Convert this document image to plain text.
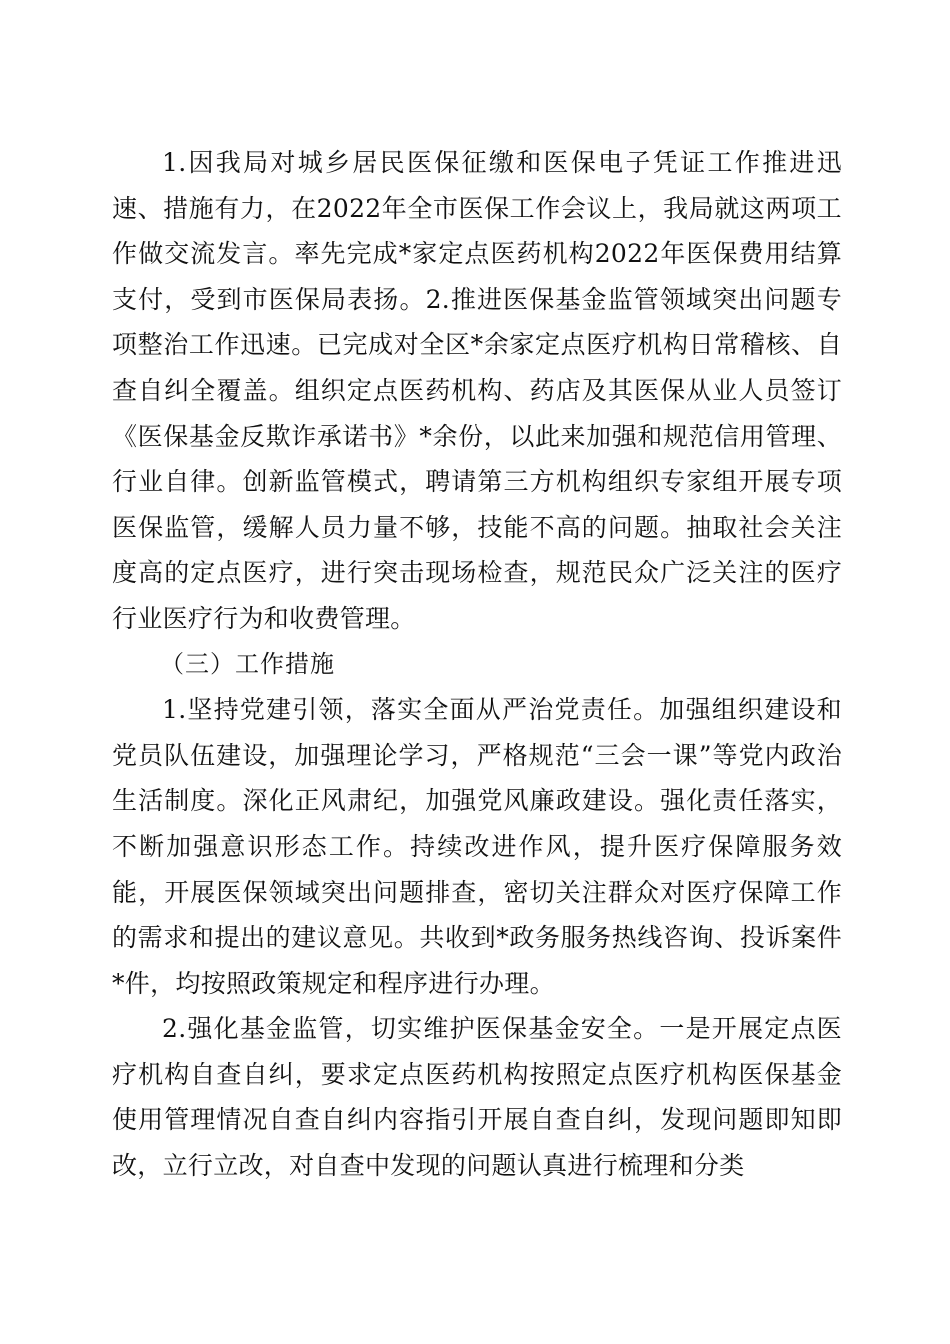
1.因我局对城乡居民医保征缴和医保电子凭证工作推进迅速、措施有力，在2022年全市医保工作会议上，我局就这两项工作做交流发言。率先完成*家定点医药机构2022年医保费用结算支付，受到市医保局表扬。2.推进医保基金监管领域突出问题专项整治工作迅速。已完成对全区*余家定点医疗机构日常稽核、自查自纠全覆盖。组织定点医药机构、药店及其医保从业人员签订《医保基金反欺诈承诺书》*余份，以此来加强和规范信用管理、行业自律。创新监管模式，聘请第三方机构组织专家组开展专项医保监管，缓解人员力量不够，技能不高的问题。抽取社会关注度高的定点医疗，进行突击现场检查，规范民众广泛关注的医疗行业医疗行为和收费管理。

（三）工作措施

1.坚持党建引领，落实全面从严治党责任。加强组织建设和党员队伍建设，加强理论学习，严格规范“三会一课”等党内政治生活制度。深化正风肃纪，加强党风廉政建设。强化责任落实，不断加强意识形态工作。持续改进作风，提升医疗保障服务效能，开展医保领域突出问题排查，密切关注群众对医疗保障工作的需求和提出的建议意见。共收到*政务服务热线咨询、投诉案件*件，均按照政策规定和程序进行办理。

2.强化基金监管，切实维护医保基金安全。一是开展定点医疗机构自查自纠，要求定点医药机构按照定点医疗机构医保基金使用管理情况自查自纠内容指引开展自查自纠，发现问题即知即改，立行立改，对自查中发现的问题认真进行梳理和分类
